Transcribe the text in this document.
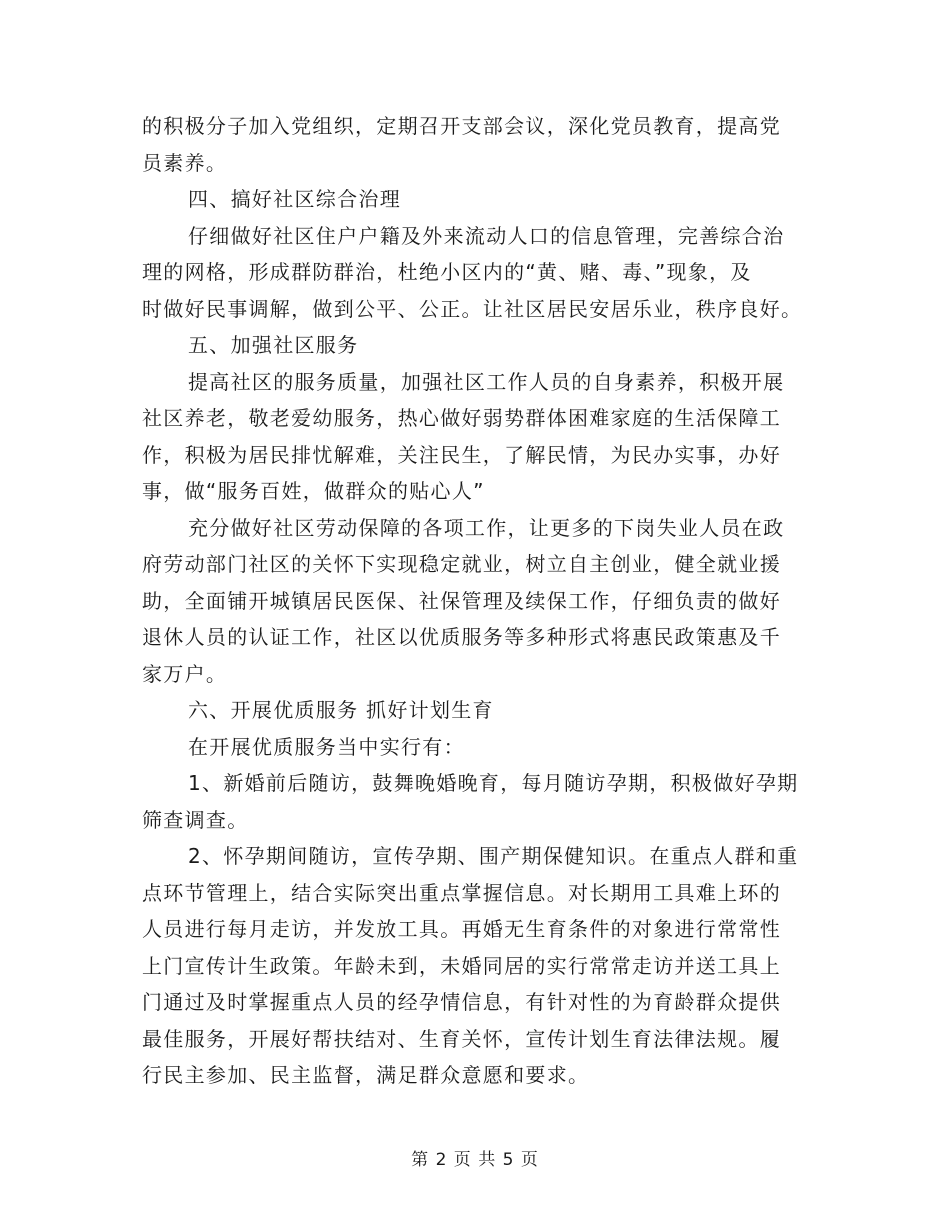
的积极分子加入党组织，定期召开支部会议，深化党员教育，提高党
员素养。
四、搞好社区综合治理
仔细做好社区住户户籍及外来流动人口的信息管理，完善综合治
理的网格，形成群防群治，杜绝小区内的“黄、赌、毒、”现象，及
时做好民事调解，做到公平、公正。让社区居民安居乐业，秩序良好。
五、加强社区服务
提高社区的服务质量，加强社区工作人员的自身素养，积极开展
社区养老，敬老爱幼服务，热心做好弱势群体困难家庭的生活保障工
作，积极为居民排忧解难，关注民生，了解民情，为民办实事，办好
事，做“服务百姓，做群众的贴心人”
充分做好社区劳动保障的各项工作，让更多的下岗失业人员在政
府劳动部门社区的关怀下实现稳定就业，树立自主创业，健全就业援
助，全面铺开城镇居民医保、社保管理及续保工作，仔细负责的做好
退休人员的认证工作，社区以优质服务等多种形式将惠民政策惠及千
家万户。
六、开展优质服务 抓好计划生育
在开展优质服务当中实行有：
1、新婚前后随访，鼓舞晚婚晚育，每月随访孕期，积极做好孕期
筛查调查。
2、怀孕期间随访，宣传孕期、围产期保健知识。在重点人群和重
点环节管理上，结合实际突出重点掌握信息。对长期用工具难上环的
人员进行每月走访，并发放工具。再婚无生育条件的对象进行常常性
上门宣传计生政策。年龄未到，未婚同居的实行常常走访并送工具上
门通过及时掌握重点人员的经孕情信息，有针对性的为育龄群众提供
最佳服务，开展好帮扶结对、生育关怀，宣传计划生育法律法规。履
行民主参加、民主监督，满足群众意愿和要求。
第 2 页 共 5 页
